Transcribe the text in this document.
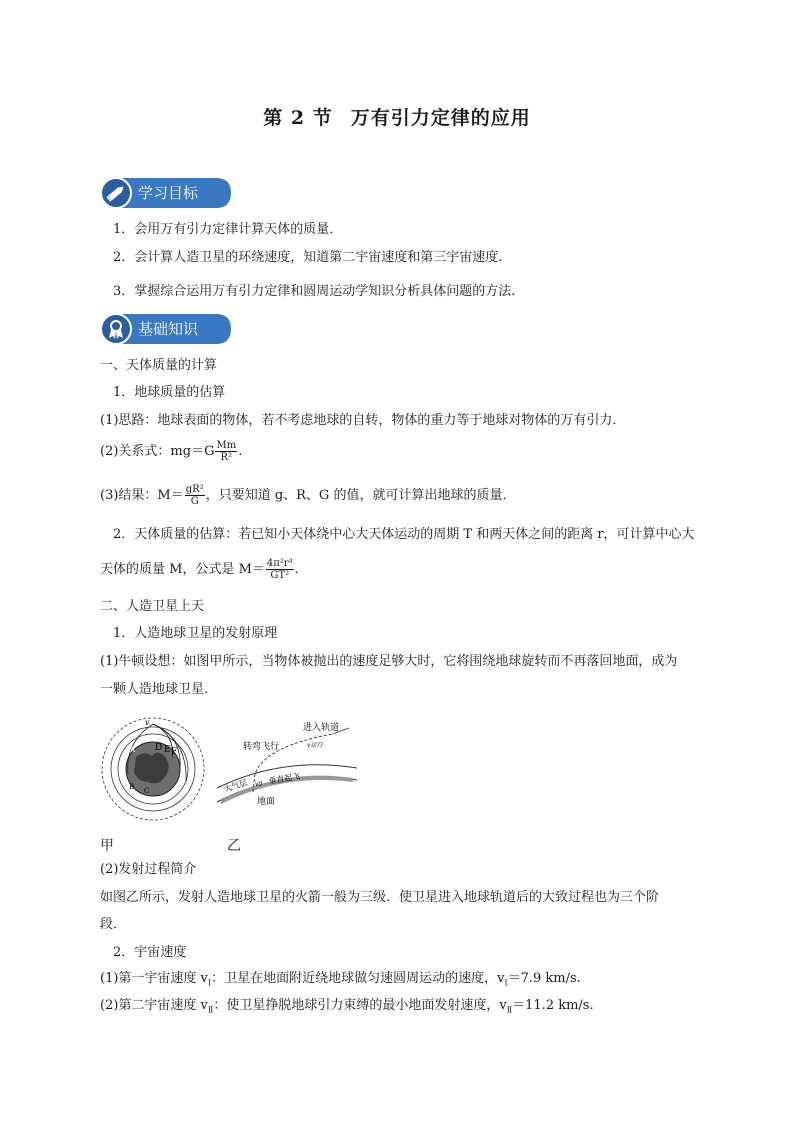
第 2 节 万有引力定律的应用
学习目标
1．会用万有引力定律计算天体的质量．
2．会计算人造卫星的环绕速度，知道第二宇宙速度和第三宇宙速度．
3．掌握综合运用万有引力定律和圆周运动学知识分析具体问题的方法.
基础知识
一、天体质量的计算
1．地球质量的估算
(1)思路：地球表面的物体，若不考虑地球的自转，物体的重力等于地球对物体的万有引力．
(2)关系式：$mg=G \frac{Mm}{\text{R²}}$ .
(3)结果：$M= \frac{\text{gR²}}{G}$ ，只要知道 g、R、G 的值，就可计算出地球的质量．
2．天体质量的估算：若已知小天体绕中心大天体运动的周期 T 和两天体之间的距离 r，可计算中心大
天体的质量 M，公式是 $M= \frac{\text{4π²r³}}{\text{GT²}}$ ．
二、人造卫星上天
1．人造地球卫星的发射原理
(1)牛顿设想：如图甲所示，当物体被抛出的速度足够大时，它将围绕地球旋转而不再落回地面，成为
一颗人造地球卫星．
v
A D E F
B C
甲
进入轨道
转弯飞行	v运行
大气层 v0 垂直起飞
地面
乙
(2)发射过程简介
如图乙所示，发射人造地球卫星的火箭一般为三级．使卫星进入地球轨道后的大致过程也为三个阶
段．
2．宇宙速度
(1)第一宇宙速度 $v_Ⅰ$：卫星在地面附近绕地球做匀速圆周运动的速度，$v_Ⅰ=7.9$ km/s.
(2)第二宇宙速度 $v_Ⅱ$：使卫星挣脱地球引力束缚的最小地面发射速度，$v_Ⅱ=11.2$ km/s.
